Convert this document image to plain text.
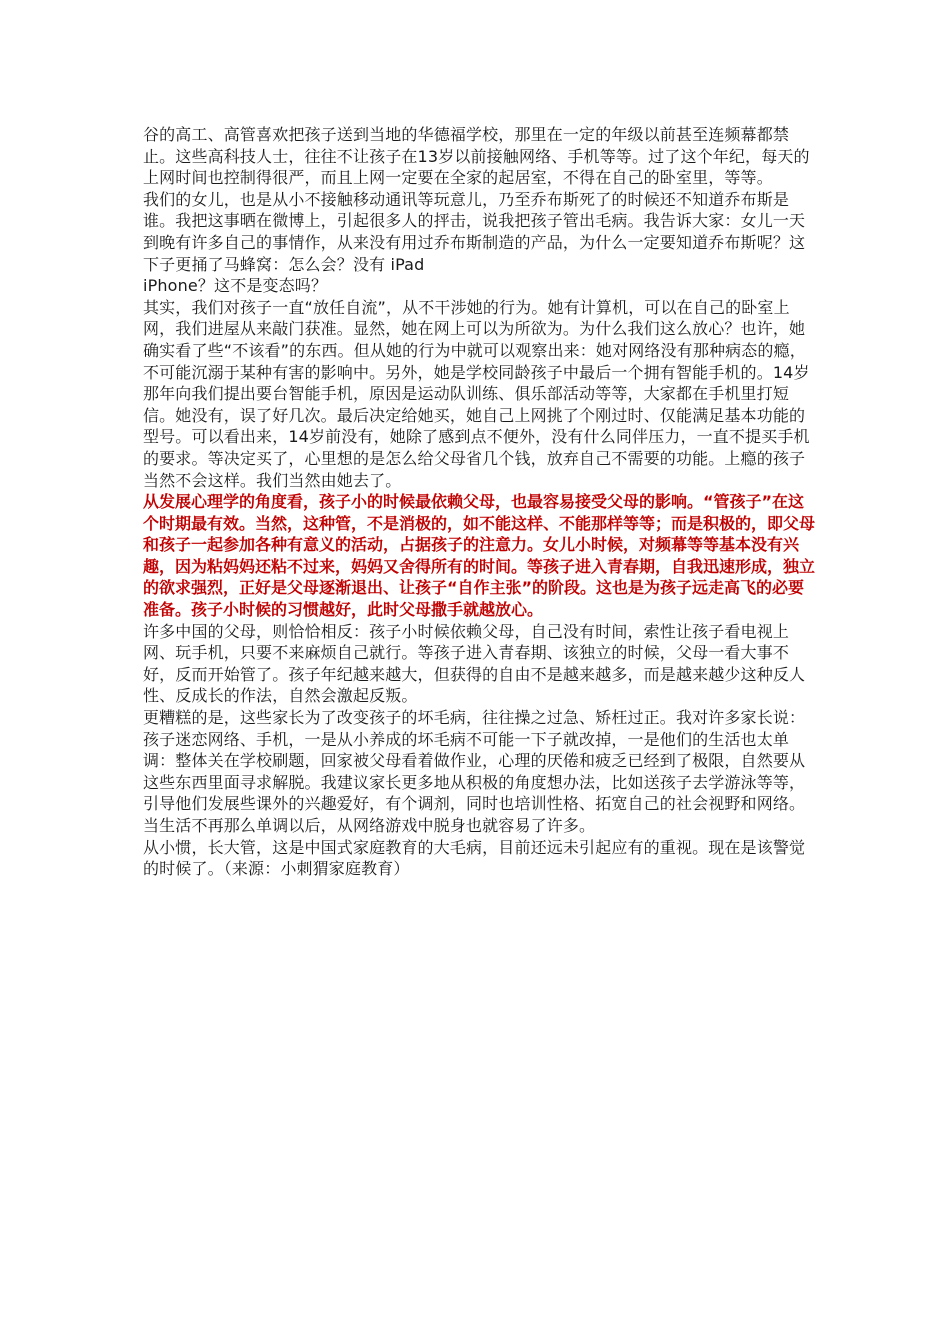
谷的高工、高管喜欢把孩子送到当地的华德福学校，那里在一定的年级以前甚至连频幕都禁止。这些高科技人士，往往不让孩子在13岁以前接触网络、手机等等。过了这个年纪，每天的上网时间也控制得很严，而且上网一定要在全家的起居室，不得在自己的卧室里，等等。

我们的女儿，也是从小不接触移动通讯等玩意儿，乃至乔布斯死了的时候还不知道乔布斯是谁。我把这事晒在微博上，引起很多人的抨击，说我把孩子管出毛病。我告诉大家：女儿一天到晚有许多自己的事情作，从来没有用过乔布斯制造的产品，为什么一定要知道乔布斯呢？这下子更捅了马蜂窝：怎么会？没有 iPad

iPhone？这不是变态吗？

其实，我们对孩子一直“放任自流”，从不干涉她的行为。她有计算机，可以在自己的卧室上网，我们进屋从来敲门获准。显然，她在网上可以为所欲为。为什么我们这么放心？也许，她确实看了些“不该看”的东西。但从她的行为中就可以观察出来：她对网络没有那种病态的瘾，不可能沉溺于某种有害的影响中。另外，她是学校同龄孩子中最后一个拥有智能手机的。14岁那年向我们提出要台智能手机，原因是运动队训练、俱乐部活动等等，大家都在手机里打短信。她没有，误了好几次。最后决定给她买，她自己上网挑了个刚过时、仅能满足基本功能的型号。可以看出来，14岁前没有，她除了感到点不便外，没有什么同伴压力，一直不提买手机的要求。等决定买了，心里想的是怎么给父母省几个钱，放弃自己不需要的功能。上瘾的孩子当然不会这样。我们当然由她去了。

从发展心理学的角度看，孩子小的时候最依赖父母，也最容易接受父母的影响。“管孩子”在这个时期最有效。当然，这种管，不是消极的，如不能这样、不能那样等等；而是积极的，即父母和孩子一起参加各种有意义的活动，占据孩子的注意力。女儿小时候，对频幕等等基本没有兴趣，因为粘妈妈还粘不过来，妈妈又舍得所有的时间。等孩子进入青春期，自我迅速形成，独立的欲求强烈，正好是父母逐渐退出、让孩子“自作主张”的阶段。这也是为孩子远走高飞的必要准备。孩子小时候的习惯越好，此时父母撒手就越放心。

许多中国的父母，则恰恰相反：孩子小时候依赖父母，自己没有时间，索性让孩子看电视上网、玩手机，只要不来麻烦自己就行。等孩子进入青春期、该独立的时候，父母一看大事不好，反而开始管了。孩子年纪越来越大，但获得的自由不是越来越多，而是越来越少这种反人性、反成长的作法，自然会激起反叛。

更糟糕的是，这些家长为了改变孩子的坏毛病，往往操之过急、矫枉过正。我对许多家长说：孩子迷恋网络、手机，一是从小养成的坏毛病不可能一下子就改掉，一是他们的生活也太单调：整体关在学校刷题，回家被父母看着做作业，心理的厌倦和疲乏已经到了极限，自然要从这些东西里面寻求解脱。我建议家长更多地从积极的角度想办法，比如送孩子去学游泳等等，引导他们发展些课外的兴趣爱好，有个调剂，同时也培训性格、拓宽自己的社会视野和网络。当生活不再那么单调以后，从网络游戏中脱身也就容易了许多。

从小惯，长大管，这是中国式家庭教育的大毛病，目前还远未引起应有的重视。现在是该警觉的时候了。（来源：小刺猬家庭教育）
